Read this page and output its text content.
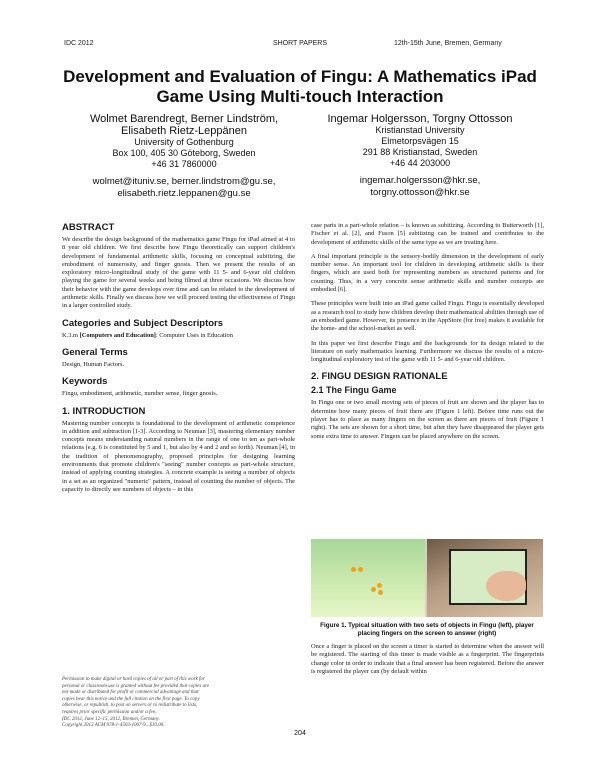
IDC 2012	SHORT PAPERS	12th-15th June, Bremen, Germany
Development and Evaluation of Fingu: A Mathematics iPad Game Using Multi-touch Interaction
Wolmet Barendregt, Berner Lindström,
Elisabeth Rietz-Leppänen
University of Gothenburg
Box 100, 405 30 Göteborg, Sweden
+46 31 7860000
wolmet@ituniv.se, berner.lindstrom@gu.se,
elisabeth.rietz.leppanen@gu.se
Ingemar Holgersson, Torgny Ottosson
Kristianstad University
Elmetorpsvägen 15
291 88 Kristianstad, Sweden
+46 44 203000
ingemar.holgersson@hkr.se,
torgny.ottosson@hkr.se
ABSTRACT

We describe the design background of the mathematics game Fingu for iPad aimed at 4 to 8 year old children. We first describe how Fingu theoretically can support children's development of fundamental arithmetic skills, focusing on conceptual subitizing, the embodiment of numerosity, and finger gnosis. Then we present the results of an exploratory micro-longitudinal study of the game with 11 5- and 6-year old children playing the game for several weeks and being filmed at three occasions. We discuss how their behavior with the game develops over time and can be related to the development of arithmetic skills. Finally we discuss how we will proceed testing the effectiveness of Fingu in a larger controlled study.

Categories and Subject Descriptors

K.3.m [Computers and Education]: Computer Uses in Education

General Terms

Design, Human Factors.

Keywords

Fingu, embodiment, arithmetic, number sense, finger gnosis.

1. INTRODUCTION

Mastering number concepts is foundational to the development of arithmetic competence in addition and subtraction [1-3]. According to Neuman [3], mastering elementary number concepts means understanding natural numbers in the range of one to ten as part-whole relations (e.g. 6 is constituted by 5 and 1, but also by 4 and 2 and so forth). Neuman [4], in the tradition of phenomenography, proposed principles for designing learning environments that promote children's "seeing" number concepts as part-whole structure, instead of applying counting strategies. A concrete example is seeing a number of objects in a set as an organized "numeric" pattern, instead of counting the number of objects. The capacity to directly see numbers of objects – in this

Permission to make digital or hard copies of all or part of this work for
personal or classroom use is granted without fee provided that copies are
not made or distributed for profit or commercial advantage and that
copies bear this notice and the full citation on the first page. To copy
otherwise, or republish, to post on servers or to redistribute to lists,
requires prior specific permission and/or a fee.
IDC 2012, June 12–15, 2012, Bremen, Germany.
Copyright 2012 ACM 978-1-4503-1007-9...$10.00.

case parts in a part-whole relation – is known as subitizing. According to Butterworth [1], Fischer et al. [2], and Fuson [5] subitizing can be trained and contributes to the development of arithmetic skills of the same type as we are treating here.

A final important principle is the sensory-bodily dimension in the development of early number sense. An important tool for children in developing arithmetic skills is their fingers, which are used both for representing numbers as structured patterns and for counting. Thus, in a very concrete sense arithmetic skills and number concepts are embodied [6].

These principles were built into an iPad game called Fingu. Fingu is essentially developed as a research tool to study how children develop their mathematical abilities through use of an embodied game. However, its presence in the AppStore (for free) makes it available for the home- and the school-market as well.

In this paper we first describe Fingu and the backgrounds for its design related to the literature on early mathematics learning. Furthermore we discuss the results of a micro-longitudinal exploratory test of the game with 11 5- and 6-year old children.

2. FINGU DESIGN RATIONALE
2.1 The Fingu Game

In Fingu one or two small moving sets of pieces of fruit are shown and the player has to determine how many pieces of fruit there are (Figure 1 left). Before time runs out the player has to place as many fingers on the screen as there are pieces of fruit (Figure 1 right). The sets are shown for a short time, but after they have disappeared the player gets some extra time to answer. Fingers can be placed anywhere on the screen.

Figure 1. Typical situation with two sets of objects in Fingu (left), player placing fingers on the screen to answer (right)

Once a finger is placed on the screen a timer is started to determine when the answer will be registered. The starting of this timer is made visible as a fingerprint. The fingerprints change color in order to indicate that a final answer has been registered. Before the answer is registered the player can (by default within

204
